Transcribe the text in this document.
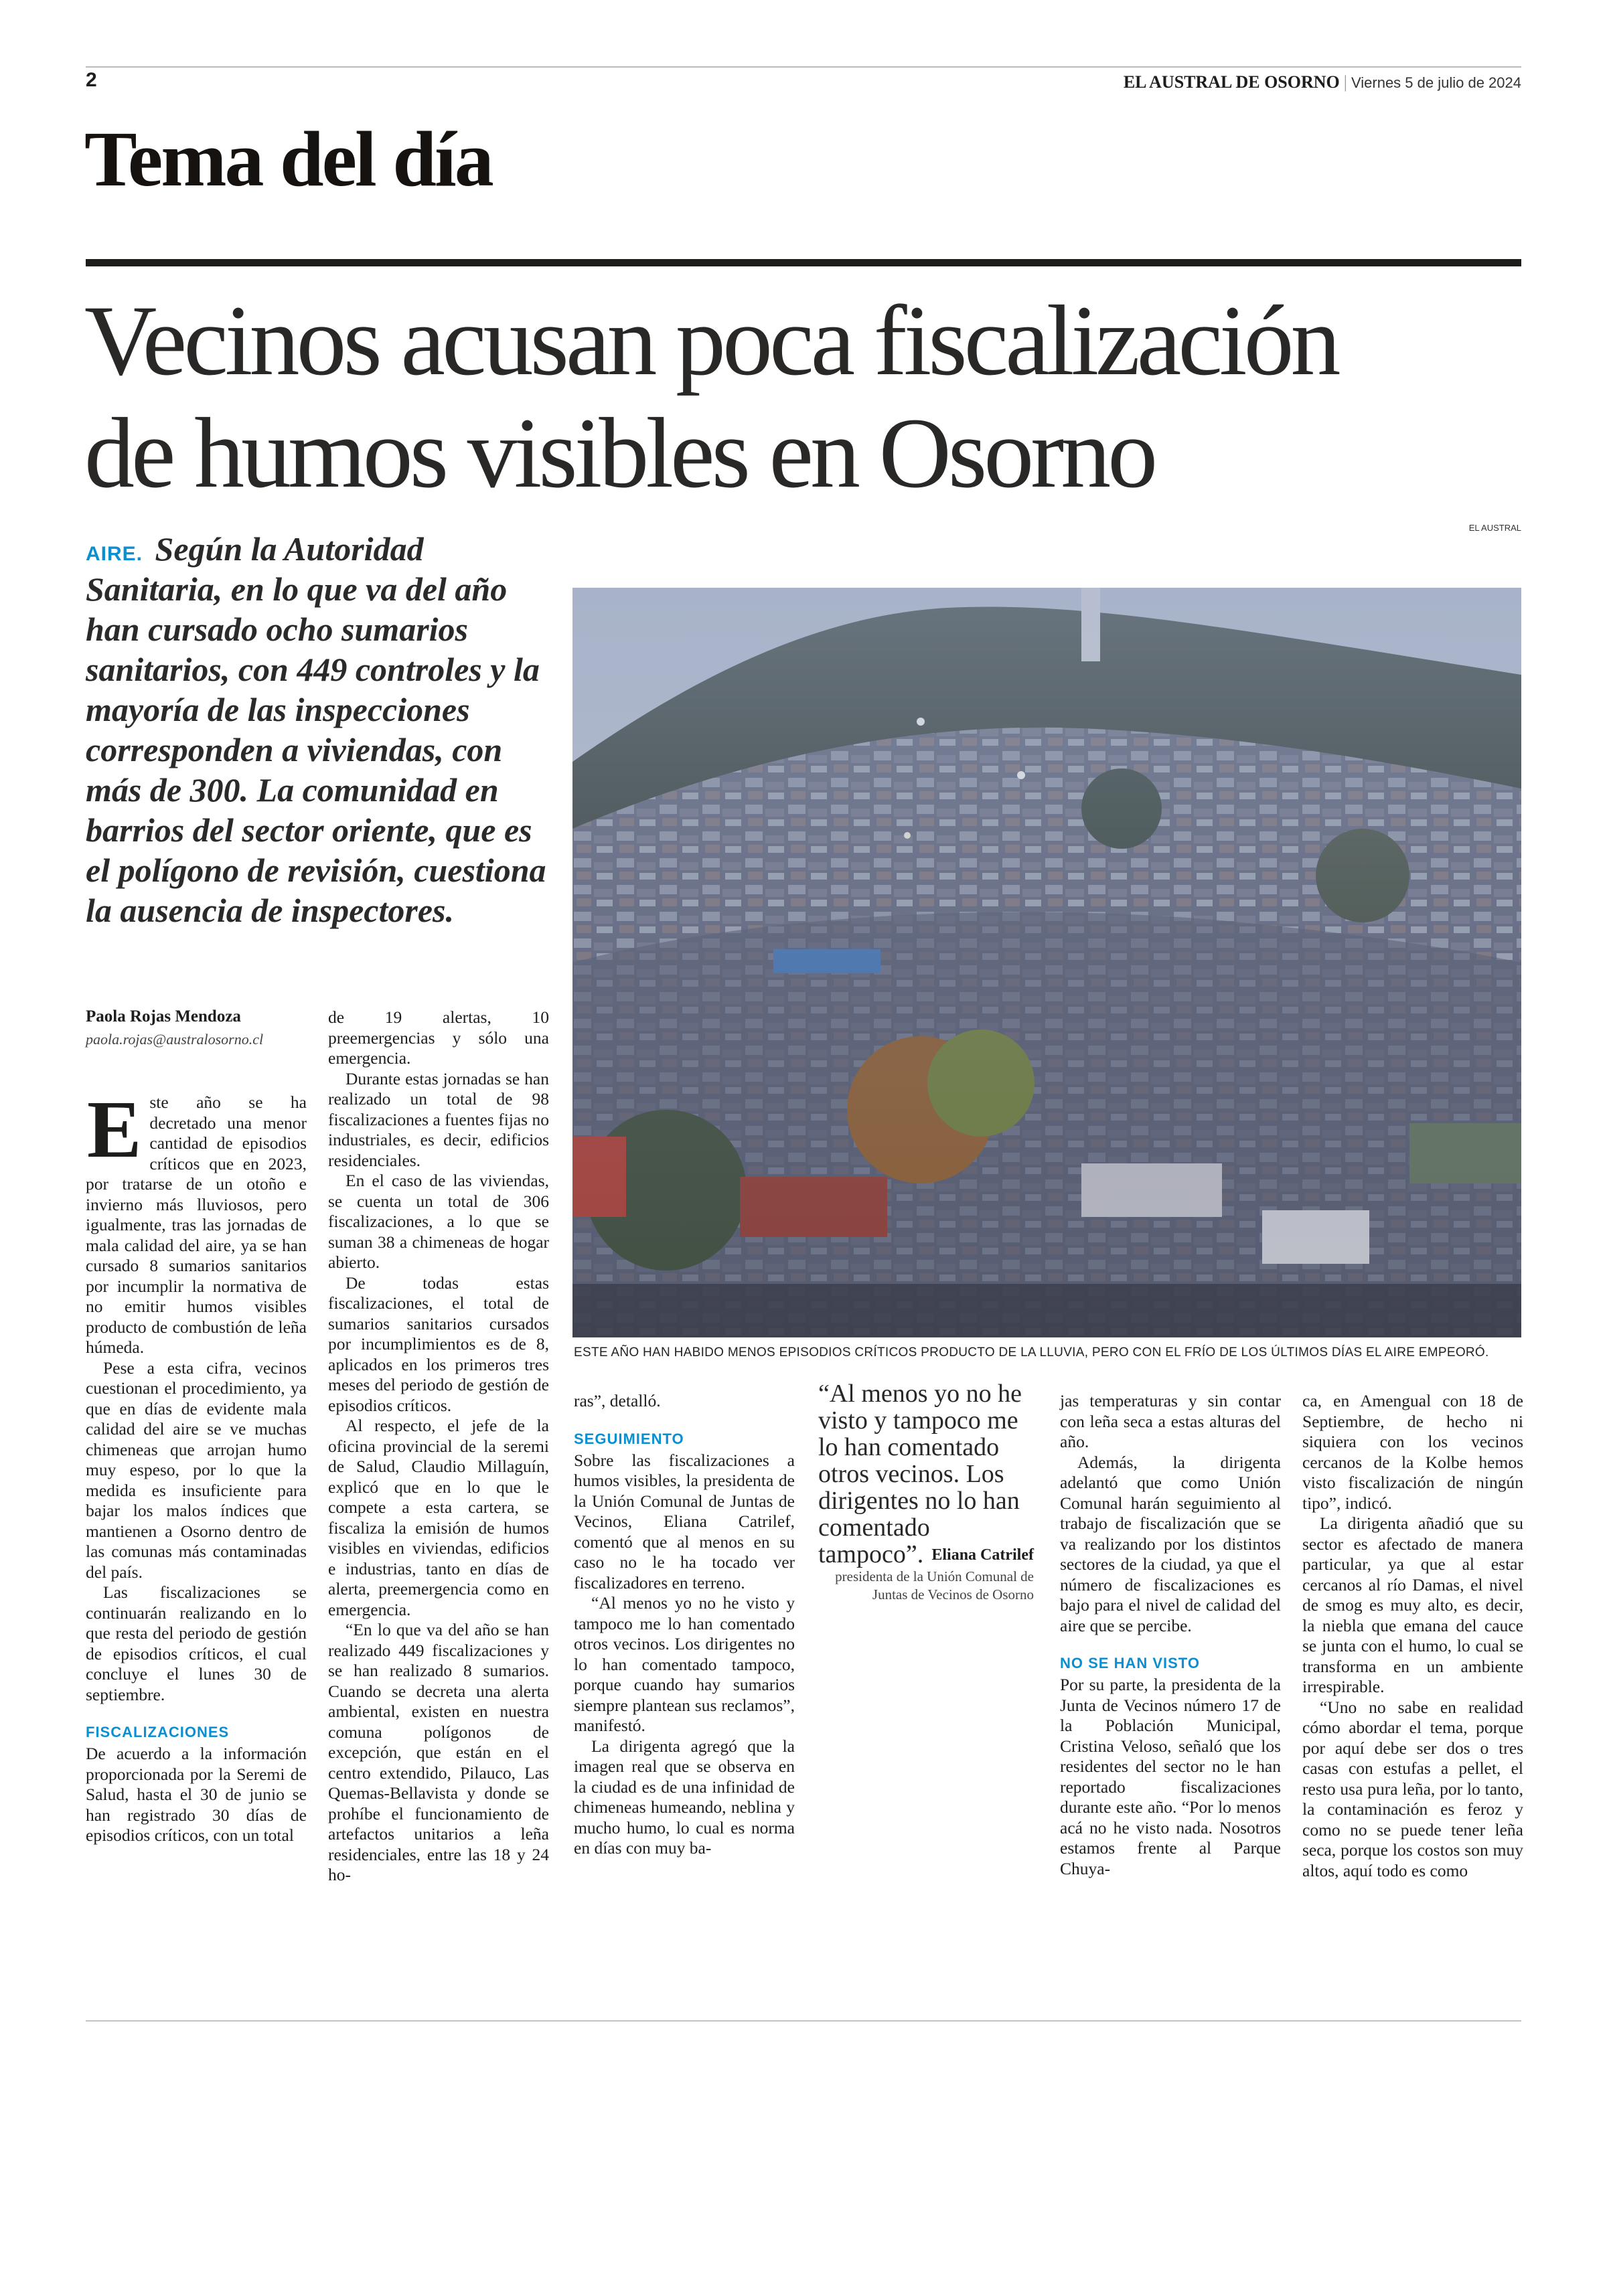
2	EL AUSTRAL DE OSORNO | Viernes 5 de julio de 2024
Tema del día
Vecinos acusan poca fiscalización
de humos visibles en Osorno
EL AUSTRAL
AIRE. Según la Autoridad Sanitaria, en lo que va del año han cursado ocho sumarios sanitarios, con 449 controles y la mayoría de las inspecciones corresponden a viviendas, con más de 300. La comunidad en barrios del sector oriente, que es el polígono de revisión, cuestiona la ausencia de inspectores.
ESTE AÑO HAN HABIDO MENOS EPISODIOS CRÍTICOS PRODUCTO DE LA LLUVIA, PERO CON EL FRÍO DE LOS ÚLTIMOS DÍAS EL AIRE EMPEORÓ.
Paola Rojas Mendoza
paola.rojas@australosorno.cl

Este año se ha decretado una menor cantidad de episodios críticos que en 2023, por tratarse de un otoño e invierno más lluviosos, pero igualmente, tras las jornadas de mala calidad del aire, ya se han cursado 8 sumarios sanitarios por incumplir la normativa de no emitir humos visibles producto de combustión de leña húmeda.

Pese a esta cifra, vecinos cuestionan el procedimiento, ya que en días de evidente mala calidad del aire se ve muchas chimeneas que arrojan humo muy espeso, por lo que la medida es insuficiente para bajar los malos índices que mantienen a Osorno dentro de las comunas más contaminadas del país.

Las fiscalizaciones se continuarán realizando en lo que resta del periodo de gestión de episodios críticos, el cual concluye el lunes 30 de septiembre.

FISCALIZACIONES

De acuerdo a la información proporcionada por la Seremi de Salud, hasta el 30 de junio se han registrado 30 días de episodios críticos, con un total

de 19 alertas, 10 preemergencias y sólo una emergencia.

Durante estas jornadas se han realizado un total de 98 fiscalizaciones a fuentes fijas no industriales, es decir, edificios residenciales.

En el caso de las viviendas, se cuenta un total de 306 fiscalizaciones, a lo que se suman 38 a chimeneas de hogar abierto.

De todas estas fiscalizaciones, el total de sumarios sanitarios cursados por incumplimientos es de 8, aplicados en los primeros tres meses del periodo de gestión de episodios críticos.

Al respecto, el jefe de la oficina provincial de la seremi de Salud, Claudio Millaguín, explicó que en lo que le compete a esta cartera, se fiscaliza la emisión de humos visibles en viviendas, edificios e industrias, tanto en días de alerta, preemergencia como en emergencia.

“En lo que va del año se han realizado 449 fiscalizaciones y se han realizado 8 sumarios. Cuando se decreta una alerta ambiental, existen en nuestra comuna polígonos de excepción, que están en el centro extendido, Pilauco, Las Quemas-Bellavista y donde se prohíbe el funcionamiento de artefactos unitarios a leña residenciales, entre las 18 y 24 ho-

ras”, detalló.

SEGUIMIENTO

Sobre las fiscalizaciones a humos visibles, la presidenta de la Unión Comunal de Juntas de Vecinos, Eliana Catrilef, comentó que al menos en su caso no le ha tocado ver fiscalizadores en terreno.

“Al menos yo no he visto y tampoco me lo han comentado otros vecinos. Los dirigentes no lo han comentado tampoco, porque cuando hay sumarios siempre plantean sus reclamos”, manifestó.

La dirigenta agregó que la imagen real que se observa en la ciudad es de una infinidad de chimeneas humeando, neblina y mucho humo, lo cual es norma en días con muy ba-

“Al menos yo no he visto y tampoco me lo han comentado otros vecinos. Los dirigentes no lo han comentado tampoco”. Eliana Catrilef
presidenta de la Unión Comunal de Juntas de Vecinos de Osorno

jas temperaturas y sin contar con leña seca a estas alturas del año.

Además, la dirigenta adelantó que como Unión Comunal harán seguimiento al trabajo de fiscalización que se va realizando por los distintos sectores de la ciudad, ya que el número de fiscalizaciones es bajo para el nivel de calidad del aire que se percibe.

NO SE HAN VISTO

Por su parte, la presidenta de la Junta de Vecinos número 17 de la Población Municipal, Cristina Veloso, señaló que los residentes del sector no le han reportado fiscalizaciones durante este año. “Por lo menos acá no he visto nada. Nosotros estamos frente al Parque Chuya-

ca, en Amengual con 18 de Septiembre, de hecho ni siquiera con los vecinos cercanos de la Kolbe hemos visto fiscalización de ningún tipo”, indicó.

La dirigenta añadió que su sector es afectado de manera particular, ya que al estar cercanos al río Damas, el nivel de smog es muy alto, es decir, la niebla que emana del cauce se junta con el humo, lo cual se transforma en un ambiente irrespirable.

“Uno no sabe en realidad cómo abordar el tema, porque por aquí debe ser dos o tres casas con estufas a pellet, el resto usa pura leña, por lo tanto, la contaminación es feroz y como no se puede tener leña seca, porque los costos son muy altos, aquí todo es como
